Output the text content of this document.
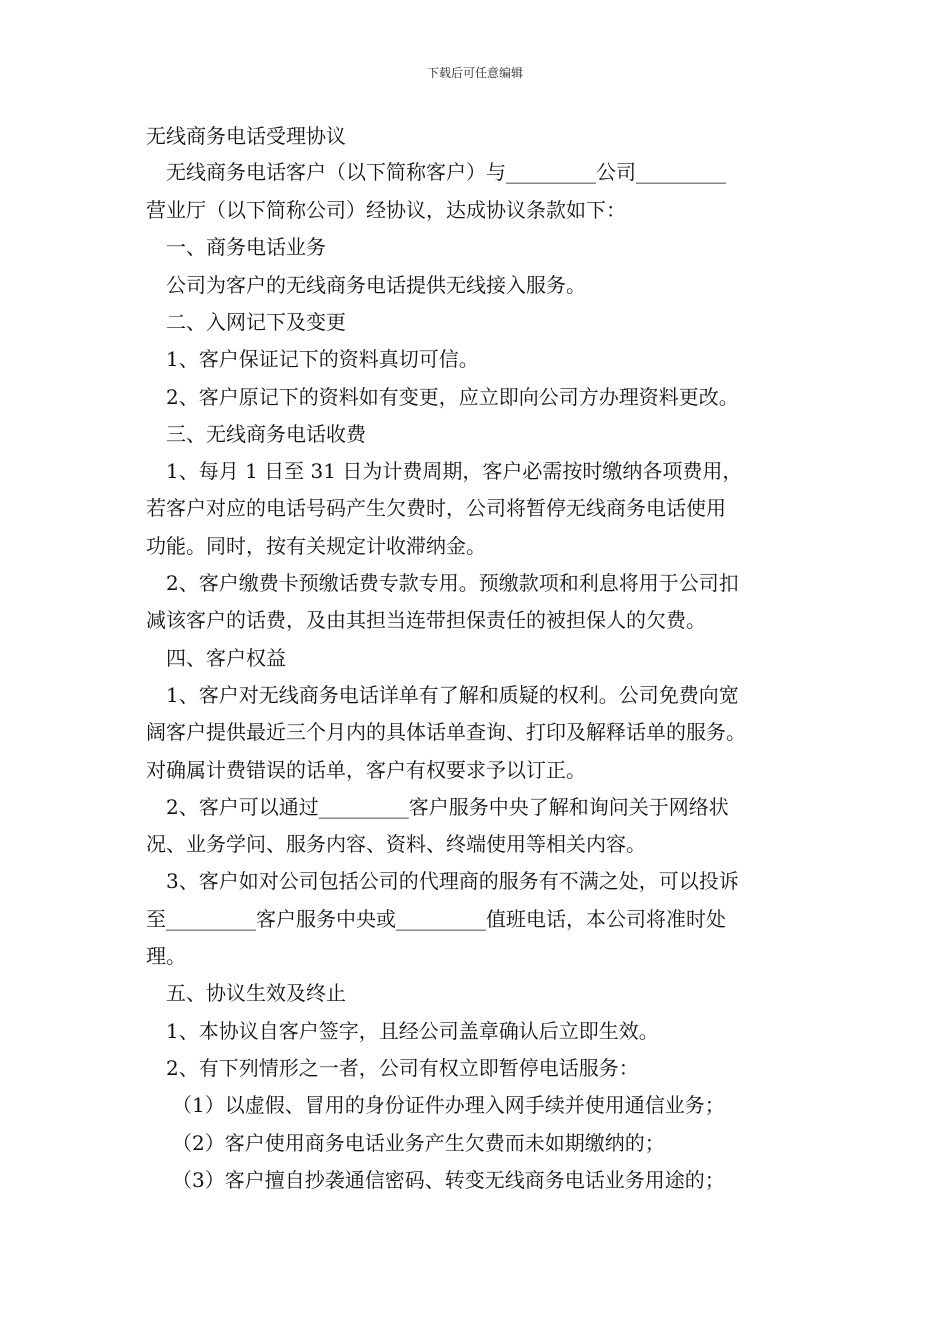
下载后可任意编辑
无线商务电话受理协议
无线商务电话客户（以下简称客户）与_________公司_________
营业厅（以下简称公司）经协议，达成协议条款如下：
一、商务电话业务
公司为客户的无线商务电话提供无线接入服务。
二、入网记下及变更
1、客户保证记下的资料真切可信。
2、客户原记下的资料如有变更，应立即向公司方办理资料更改。
三、无线商务电话收费
1、每月 1 日至 31 日为计费周期，客户必需按时缴纳各项费用，
若客户对应的电话号码产生欠费时，公司将暂停无线商务电话使用
功能。同时，按有关规定计收滞纳金。
2、客户缴费卡预缴话费专款专用。预缴款项和利息将用于公司扣
减该客户的话费，及由其担当连带担保责任的被担保人的欠费。
四、客户权益
1、客户对无线商务电话详单有了解和质疑的权利。公司免费向宽
阔客户提供最近三个月内的具体话单查询、打印及解释话单的服务。
对确属计费错误的话单，客户有权要求予以订正。
2、客户可以通过_________客户服务中央了解和询问关于网络状
况、业务学问、服务内容、资料、终端使用等相关内容。
3、客户如对公司包括公司的代理商的服务有不满之处，可以投诉
至_________客户服务中央或_________值班电话，本公司将准时处
理。
五、协议生效及终止
1、本协议自客户签字，且经公司盖章确认后立即生效。
2、有下列情形之一者，公司有权立即暂停电话服务：
（1）以虚假、冒用的身份证件办理入网手续并使用通信业务；
（2）客户使用商务电话业务产生欠费而未如期缴纳的；
（3）客户擅自抄袭通信密码、转变无线商务电话业务用途的；
